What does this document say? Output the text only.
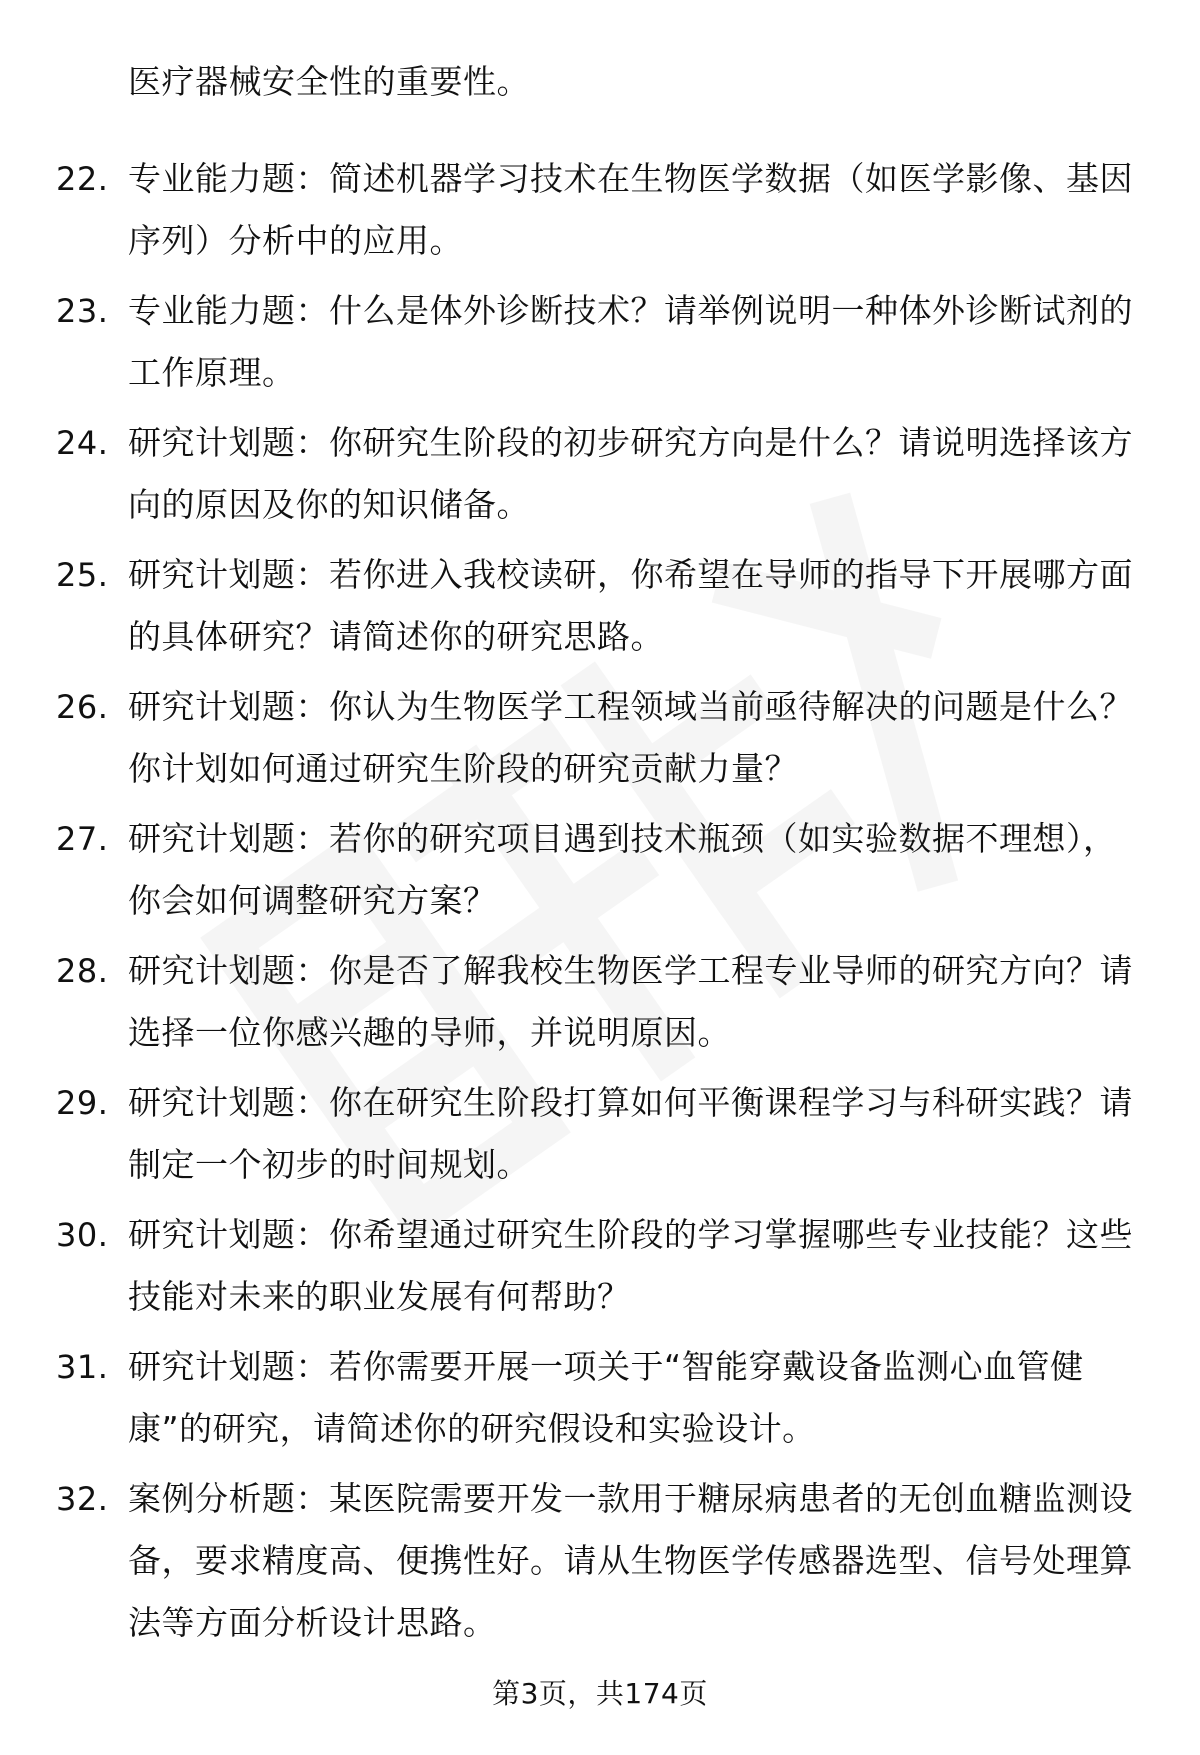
医疗器械安全性的重要性。
22. 专业能力题：简述机器学习技术在生物医学数据（如医学影像、基因序列）分析中的应用。
23. 专业能力题：什么是体外诊断技术？请举例说明一种体外诊断试剂的工作原理。
24. 研究计划题：你研究生阶段的初步研究方向是什么？请说明选择该方向的原因及你的知识储备。
25. 研究计划题：若你进入我校读研，你希望在导师的指导下开展哪方面的具体研究？请简述你的研究思路。
26. 研究计划题：你认为生物医学工程领域当前亟待解决的问题是什么？你计划如何通过研究生阶段的研究贡献力量？
27. 研究计划题：若你的研究项目遇到技术瓶颈（如实验数据不理想），你会如何调整研究方案？
28. 研究计划题：你是否了解我校生物医学工程专业导师的研究方向？请选择一位你感兴趣的导师，并说明原因。
29. 研究计划题：你在研究生阶段打算如何平衡课程学习与科研实践？请制定一个初步的时间规划。
30. 研究计划题：你希望通过研究生阶段的学习掌握哪些专业技能？这些技能对未来的职业发展有何帮助？
31. 研究计划题：若你需要开展一项关于“智能穿戴设备监测心血管健康”的研究，请简述你的研究假设和实验设计。
32. 案例分析题：某医院需要开发一款用于糖尿病患者的无创血糖监测设备，要求精度高、便携性好。请从生物医学传感器选型、信号处理算法等方面分析设计思路。
第3页，共174页
